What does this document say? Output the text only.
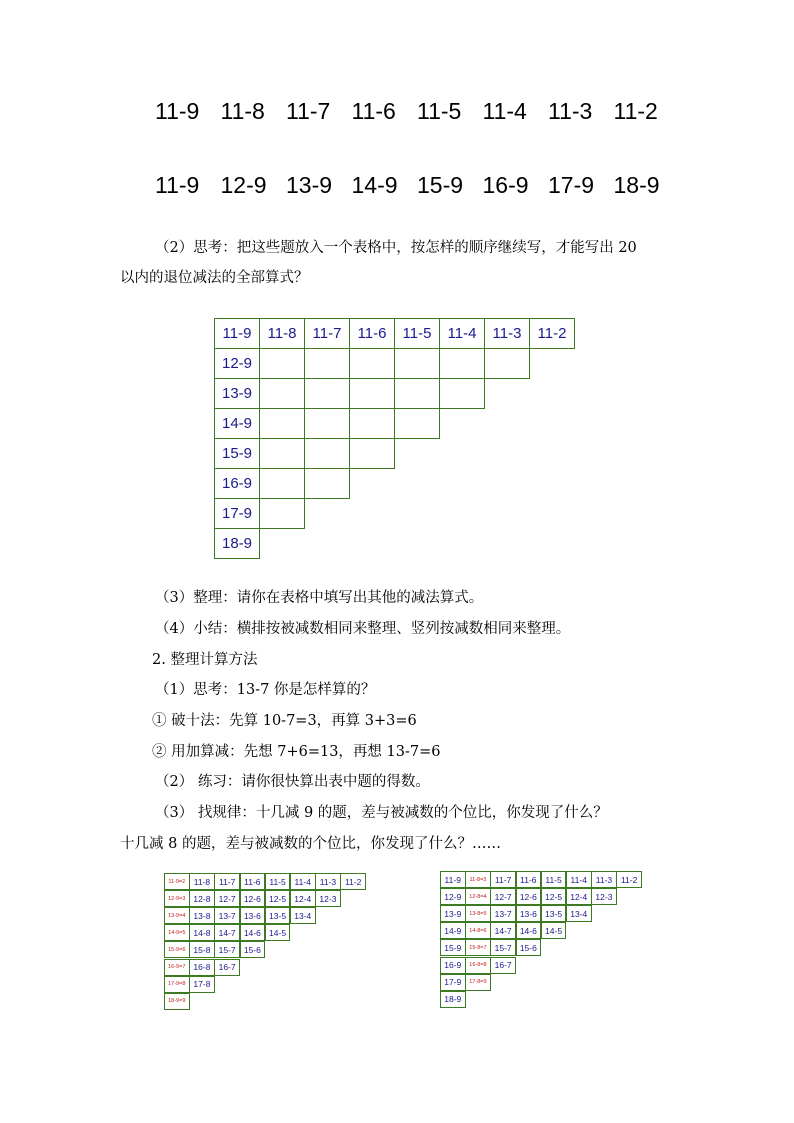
11-9 11-8 11-7 11-6 11-5 11-4 11-3 11-2
11-9 12-9 13-9 14-9 15-9 16-9 17-9 18-9
（2）思考：把这些题放入一个表格中，按怎样的顺序继续写，才能写出 20
以内的退位减法的全部算式？
11-9	11-8	11-7	11-6	11-5	11-4	11-3	11-2
12-9
13-9
14-9
15-9
16-9
17-9
18-9
（3）整理：请你在表格中填写出其他的减法算式。
（4）小结：横排按被减数相同来整理、竖列按减数相同来整理。
2. 整理计算方法
（1）思考：13-7 你是怎样算的？
① 破十法：先算 10-7=3，再算 3+3=6
② 用加算减：先想 7+6=13，再想 13-7=6
（2） 练习：请你很快算出表中题的得数。
（3） 找规律：十几减 9 的题，差与被减数的个位比，你发现了什么？
十几减 8 的题，差与被减数的个位比，你发现了什么？……
11-9=2	11-8	11-7	11-6	11-5	11-4	11-3	11-2
12-9=3 12-8 12-7 12-6 12-5 12-4 12-3
13-9=4 13-8 13-7 13-6 13-5 13-4
14-9=5 14-8 14-7 14-6 14-5
15-9=6 15-8 15-7 15-6
16-9=7 16-8 16-7
17-9=8 17-8
18-9=9
11-9	11-8=3	11-7	11-6	11-5	11-4	11-3	11-2
12-9	12-8=4 12-7 12-6 12-5 12-4 12-3
13-9	13-8=5 13-7 13-6 13-5 13-4
14-9	14-8=6 14-7 14-6 14-5
15-9	15-8=7 15-7 15-6
16-9	16-8=8 16-7
17-9	17-8=9
18-9
